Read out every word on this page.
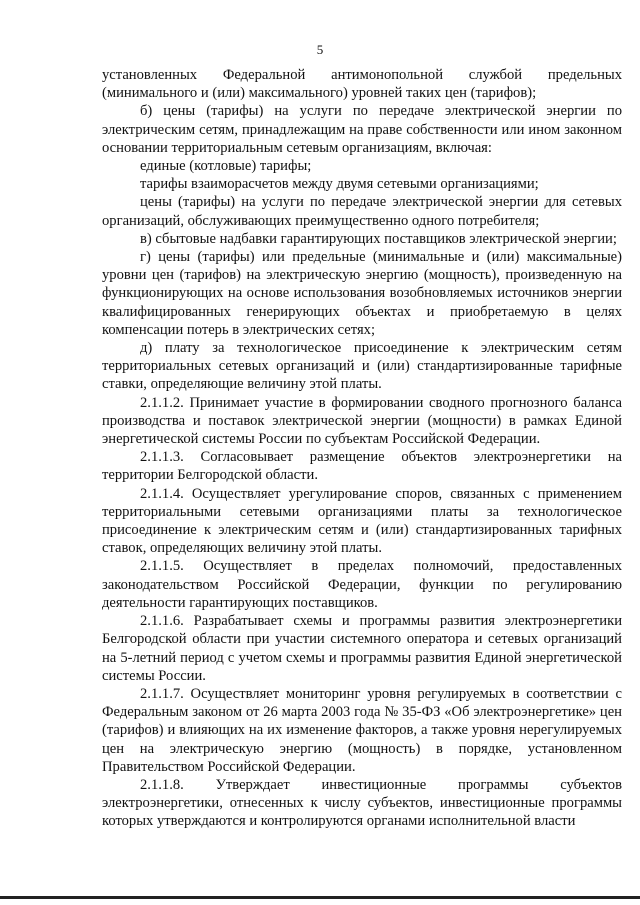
5

установленных Федеральной антимонопольной службой предельных (минимального и (или) максимального) уровней таких цен (тарифов);

б) цены (тарифы) на услуги по передаче электрической энергии по электрическим сетям, принадлежащим на праве собственности или ином законном основании территориальным сетевым организациям, включая:

единые (котловые) тарифы;

тарифы взаиморасчетов между двумя сетевыми организациями;

цены (тарифы) на услуги по передаче электрической энергии для сетевых организаций, обслуживающих преимущественно одного потребителя;

в) сбытовые надбавки гарантирующих поставщиков электрической энергии;

г) цены (тарифы) или предельные (минимальные и (или) максимальные) уровни цен (тарифов) на электрическую энергию (мощность), произведенную на функционирующих на основе использования возобновляемых источников энергии квалифицированных генерирующих объектах и приобретаемую в целях компенсации потерь в электрических сетях;

д) плату за технологическое присоединение к электрическим сетям территориальных сетевых организаций и (или) стандартизированные тарифные ставки, определяющие величину этой платы.

2.1.1.2. Принимает участие в формировании сводного прогнозного баланса производства и поставок электрической энергии (мощности) в рамках Единой энергетической системы России по субъектам Российской Федерации.

2.1.1.3. Согласовывает размещение объектов электроэнергетики на территории Белгородской области.

2.1.1.4. Осуществляет урегулирование споров, связанных с применением территориальными сетевыми организациями платы за технологическое присоединение к электрическим сетям и (или) стандартизированных тарифных ставок, определяющих величину этой платы.

2.1.1.5. Осуществляет в пределах полномочий, предоставленных законодательством Российской Федерации, функции по регулированию деятельности гарантирующих поставщиков.

2.1.1.6. Разрабатывает схемы и программы развития электроэнергетики Белгородской области при участии системного оператора и сетевых организаций на 5-летний период с учетом схемы и программы развития Единой энергетической системы России.

2.1.1.7. Осуществляет мониторинг уровня регулируемых в соответствии с Федеральным законом от 26 марта 2003 года № 35-ФЗ «Об электроэнергетике» цен (тарифов) и влияющих на их изменение факторов, а также уровня нерегулируемых цен на электрическую энергию (мощность) в порядке, установленном Правительством Российской Федерации.

2.1.1.8. Утверждает инвестиционные программы субъектов электроэнергетики, отнесенных к числу субъектов, инвестиционные программы которых утверждаются и контролируются органами исполнительной власти
